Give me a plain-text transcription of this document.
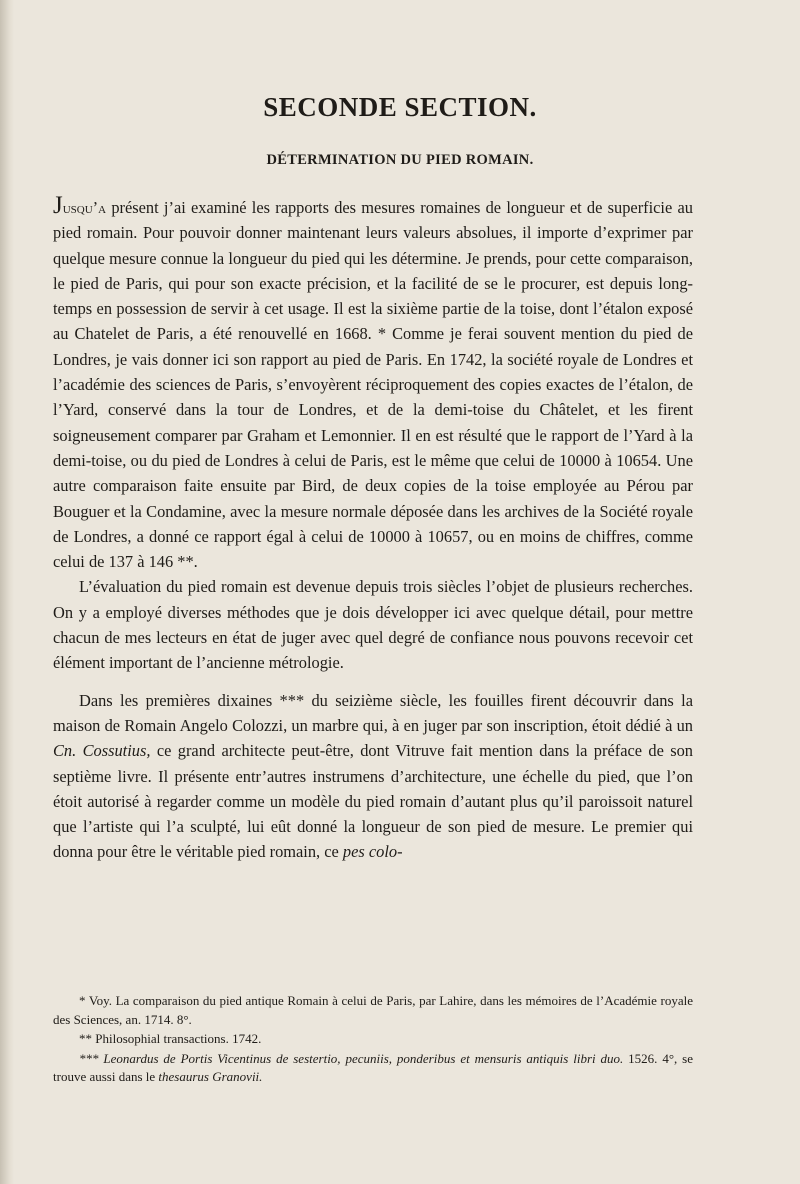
SECONDE SECTION.
DÉTERMINATION DU PIED ROMAIN.

Jusqu’a présent j’ai examiné les rapports des mesures romaines de longueur et de superficie au pied romain. Pour pouvoir donner maintenant leurs valeurs absolues, il importe d’exprimer par quelque mesure connue la longueur du pied qui les détermine. Je prends, pour cette comparaison, le pied de Paris, qui pour son exacte précision, et la facilité de se le procurer, est depuis long-temps en possession de servir à cet usage. Il est la sixième partie de la toise, dont l’étalon exposé au Chatelet de Paris, a été renouvellé en 1668. * Comme je ferai souvent mention du pied de Londres, je vais donner ici son rapport au pied de Paris. En 1742, la société royale de Londres et l’académie des sciences de Paris, s’envoyèrent réciproquement des copies exactes de l’étalon, de l’Yard, conservé dans la tour de Londres, et de la demi-toise du Châtelet, et les firent soigneusement comparer par Graham et Lemonnier. Il en est résulté que le rapport de l’Yard à la demi-toise, ou du pied de Londres à celui de Paris, est le même que celui de 10000 à 10654. Une autre comparaison faite ensuite par Bird, de deux copies de la toise employée au Pérou par Bouguer et la Condamine, avec la mesure normale déposée dans les archives de la Société royale de Londres, a donné ce rapport égal à celui de 10000 à 10657, ou en moins de chiffres, comme celui de 137 à 146 **.

L’évaluation du pied romain est devenue depuis trois siècles l’objet de plusieurs recherches. On y a employé diverses méthodes que je dois développer ici avec quelque détail, pour mettre chacun de mes lecteurs en état de juger avec quel degré de confiance nous pouvons recevoir cet élément important de l’ancienne métrologie.

Dans les premières dixaines *** du seizième siècle, les fouilles firent découvrir dans la maison de Romain Angelo Colozzi, un marbre qui, à en juger par son inscription, étoit dédié à un Cn. Cossutius, ce grand architecte peut-être, dont Vitruve fait mention dans la préface de son septième livre. Il présente entr’autres instrumens d’architecture, une échelle du pied, que l’on étoit autorisé à regarder comme un modèle du pied romain d’autant plus qu’il paroissoit naturel que l’artiste qui l’a sculpté, lui eût donné la longueur de son pied de mesure. Le premier qui donna pour être le véritable pied romain, ce pes colo-

* Voy. La comparaison du pied antique Romain à celui de Paris, par Lahire, dans les mémoires de l’Académie royale des Sciences, an. 1714. 8°.

** Philosophial transactions. 1742.

*** Leonardus de Portis Vicentinus de sestertio, pecuniis, ponderibus et mensuris antiquis libri duo. 1526. 4°, se trouve aussi dans le thesaurus Granovii.
